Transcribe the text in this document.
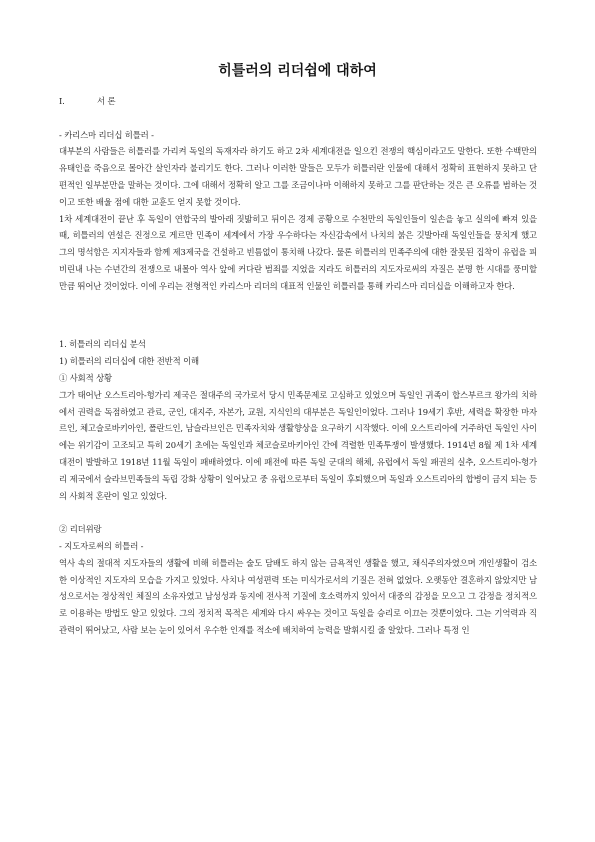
히틀러의 리더쉽에 대하여

Ⅰ.	서 론

- 카리스마 리더십 히틀러 -

대부분의 사람들은 히틀러를 가리켜 독일의 독재자라 하기도 하고 2차 세계대전을 일으킨 전쟁의 핵심이라고도 말한다. 또한 수백만의 유태인을 죽음으로 몰아간 살인자라 불리기도 한다. 그러나 이러한 말들은 모두가 히틀러란 인물에 대해서 정확히 표현하지 못하고 단편적인 일부분만을 말하는 것이다. 그에 대해서 정확히 알고 그를 조금이나마 이해하지 못하고 그를 판단하는 것은 큰 오류를 범하는 것이고 또한 배울 점에 대한 교훈도 얻지 못할 것이다.

1차 세계대전이 끝난 후 독일이 연합국의 발아래 짓밟히고 뒤이은 경제 공황으로 수천만의 독일인들이 일손을 놓고 실의에 빠져 있을 때, 히틀러의 연설은 진정으로 게르만 민족이 세계에서 가장 우수하다는 자신감속에서 나치의 붉은 깃발아래 독일인들을 뭉치게 했고 그의 명석함은 지지자들과 함께 제3제국을 건설하고 빈틈없이 통치해 나갔다. 물론 히틀러의 민족주의에 대한 잘못된 집착이 유럽을 피비린내 나는 수년간의 전쟁으로 내몰아 역사 앞에 커다란 범죄를 지었을 지라도 히틀러의 지도자로써의 자질은 분명 한 시대를 풍미할 만큼 뛰어난 것이었다. 이에 우리는 전형적인 카리스마 리더의 대표적 인물인 히틀러를 통해 카리스마 리더십을 이해하고자 한다.

1. 히틀러의 리더십 분석

1) 히틀러의 리더십에 대한 전반적 이해

① 사회적 상황

그가 태어난 오스트리아-헝가리 제국은 절대주의 국가로서 당시 민족문제로 고심하고 있었으며 독일인 귀족이 합스부르크 왕가의 치하에서 권력을 독점하였고 관료, 군인, 대지주, 자본가, 교원, 지식인의 대부분은 독일인이었다. 그러나 19세기 후반, 세력을 확장한 마자르인, 체고슬로바키아인, 폴란드인, 남슬라브인은 민족자치와 생활향상을 요구하기 시작했다. 이에 오스트리아에 거주하던 독일인 사이에는 위기감이 고조되고 특히 20세기 초에는 독일인과 체코슬로바키아인 간에 격렬한 민족투쟁이 발생했다. 1914년 8월 제 1차 세계대전이 발발하고 1918년 11월 독일이 패배하였다. 이에 패전에 따른 독일 군대의 해체, 유럽에서 독일 패권의 실추, 오스트리아-헝가리 제국에서 슬라브민족들의 독립 강화 상황이 일어났고 중 유럽으로부터 독일이 후퇴했으며 독일과 오스트리아의 합병이 금지 되는 등의 사회적 혼란이 일고 있었다.

② 리더위랑

- 지도자로써의 히틀러 -

역사 속의 절대적 지도자들의 생활에 비해 히틀러는 술도 담배도 하지 않는 금욕적인 생활을 했고, 채식주의자였으며 개인생활이 검소한 이상적인 지도자의 모습을 가지고 있었다. 사치나 여성편력 또는 미식가로서의 기질은 전혀 없었다. 오랫동안 결혼하지 않았지만 남성으로서는 정상적인 체질의 소유자였고 남성성과 동지에 전사적 기질에 호소력까지 있어서 대중의 감정을 모으고 그 감정을 정치적으로 이용하는 방법도 알고 있었다. 그의 정치적 목적은 세계와 다시 싸우는 것이고 독일을 승리로 이끄는 것뿐이었다. 그는 기억력과 직관력이 뛰어났고, 사람 보는 눈이 있어서 우수한 인재를 적소에 배치하여 능력을 발휘시킬 줄 알았다. 그러나 특정 인
